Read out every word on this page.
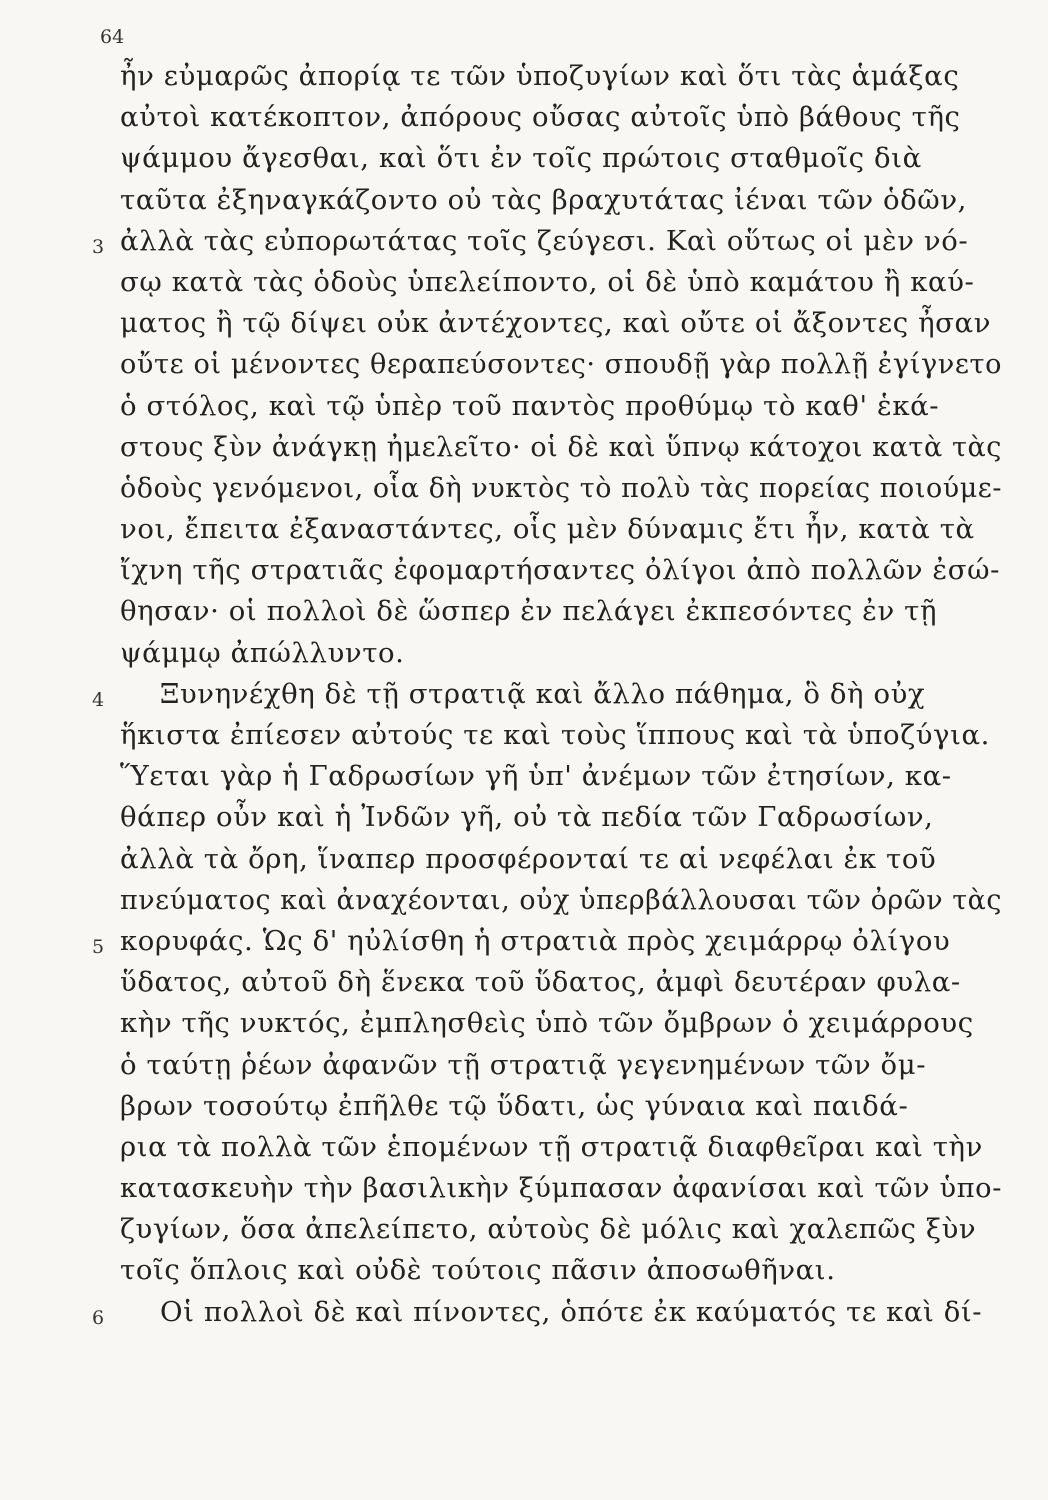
64
ἦν εὐμαρῶς ἀπορίᾳ τε τῶν ὑποζυγίων καὶ ὅτι τὰς ἁμάξας
αὐτοὶ κατέκοπτον, ἀπόρους οὔσας αὐτοῖς ὑπὸ βάθους τῆς
ψάμμου ἄγεσθαι, καὶ ὅτι ἐν τοῖς πρώτοις σταθμοῖς διὰ
ταῦτα ἐξηναγκάζοντο οὐ τὰς βραχυτάτας ἰέναι τῶν ὁδῶν,
3 ἀλλὰ τὰς εὐπορωτάτας τοῖς ζεύγεσι. Καὶ οὕτως οἱ μὲν νό-
σῳ κατὰ τὰς ὁδοὺς ὑπελείποντο, οἱ δὲ ὑπὸ καμάτου ἢ καύ-
ματος ἢ τῷ δίψει οὐκ ἀντέχοντες, καὶ οὔτε οἱ ἄξοντες ἦσαν
οὔτε οἱ μένοντες θεραπεύσοντες· σπουδῇ γὰρ πολλῇ ἐγίγνετο
ὁ στόλος, καὶ τῷ ὑπὲρ τοῦ παντὸς προθύμῳ τὸ καθ' ἑκά-
στους ξὺν ἀνάγκῃ ἠμελεῖτο· οἱ δὲ καὶ ὕπνῳ κάτοχοι κατὰ τὰς
ὁδοὺς γενόμενοι, οἷα δὴ νυκτὸς τὸ πολὺ τὰς πορείας ποιούμε-
νοι, ἔπειτα ἐξαναστάντες, οἷς μὲν δύναμις ἔτι ἦν, κατὰ τὰ
ἴχνη τῆς στρατιᾶς ἐφομαρτήσαντες ὀλίγοι ἀπὸ πολλῶν ἐσώ-
θησαν· οἱ πολλοὶ δὲ ὥσπερ ἐν πελάγει ἐκπεσόντες ἐν τῇ
ψάμμῳ ἀπώλλυντο.
4 Ξυνηνέχθη δὲ τῇ στρατιᾷ καὶ ἄλλο πάθημα, ὃ δὴ οὐχ
ἥκιστα ἐπίεσεν αὐτούς τε καὶ τοὺς ἵππους καὶ τὰ ὑποζύγια.
Ὕεται γὰρ ἡ Γαδρωσίων γῆ ὑπ' ἀνέμων τῶν ἐτησίων, κα-
θάπερ οὖν καὶ ἡ Ἰνδῶν γῆ, οὐ τὰ πεδία τῶν Γαδρωσίων,
ἀλλὰ τὰ ὄρη, ἵναπερ προσφέρονταί τε αἱ νεφέλαι ἐκ τοῦ
πνεύματος καὶ ἀναχέονται, οὐχ ὑπερβάλλουσαι τῶν ὀρῶν τὰς
5 κορυφάς. Ὡς δ' ηὐλίσθη ἡ στρατιὰ πρὸς χειμάρρῳ ὀλίγου
ὕδατος, αὐτοῦ δὴ ἕνεκα τοῦ ὕδατος, ἀμφὶ δευτέραν φυλα-
κὴν τῆς νυκτός, ἐμπλησθεὶς ὑπὸ τῶν ὄμβρων ὁ χειμάρρους
ὁ ταύτῃ ῥέων ἀφανῶν τῇ στρατιᾷ γεγενημένων τῶν ὄμ-
βρων τοσούτῳ ἐπῆλθε τῷ ὕδατι, ὡς γύναια καὶ παιδά-
ρια τὰ πολλὰ τῶν ἑπομένων τῇ στρατιᾷ διαφθεῖραι καὶ τὴν
κατασκευὴν τὴν βασιλικὴν ξύμπασαν ἀφανίσαι καὶ τῶν ὑπο-
ζυγίων, ὅσα ἀπελείπετο, αὐτοὺς δὲ μόλις καὶ χαλεπῶς ξὺν
τοῖς ὅπλοις καὶ οὐδὲ τούτοις πᾶσιν ἀποσωθῆναι.
6 Οἱ πολλοὶ δὲ καὶ πίνοντες, ὁπότε ἐκ καύματός τε καὶ δί-
